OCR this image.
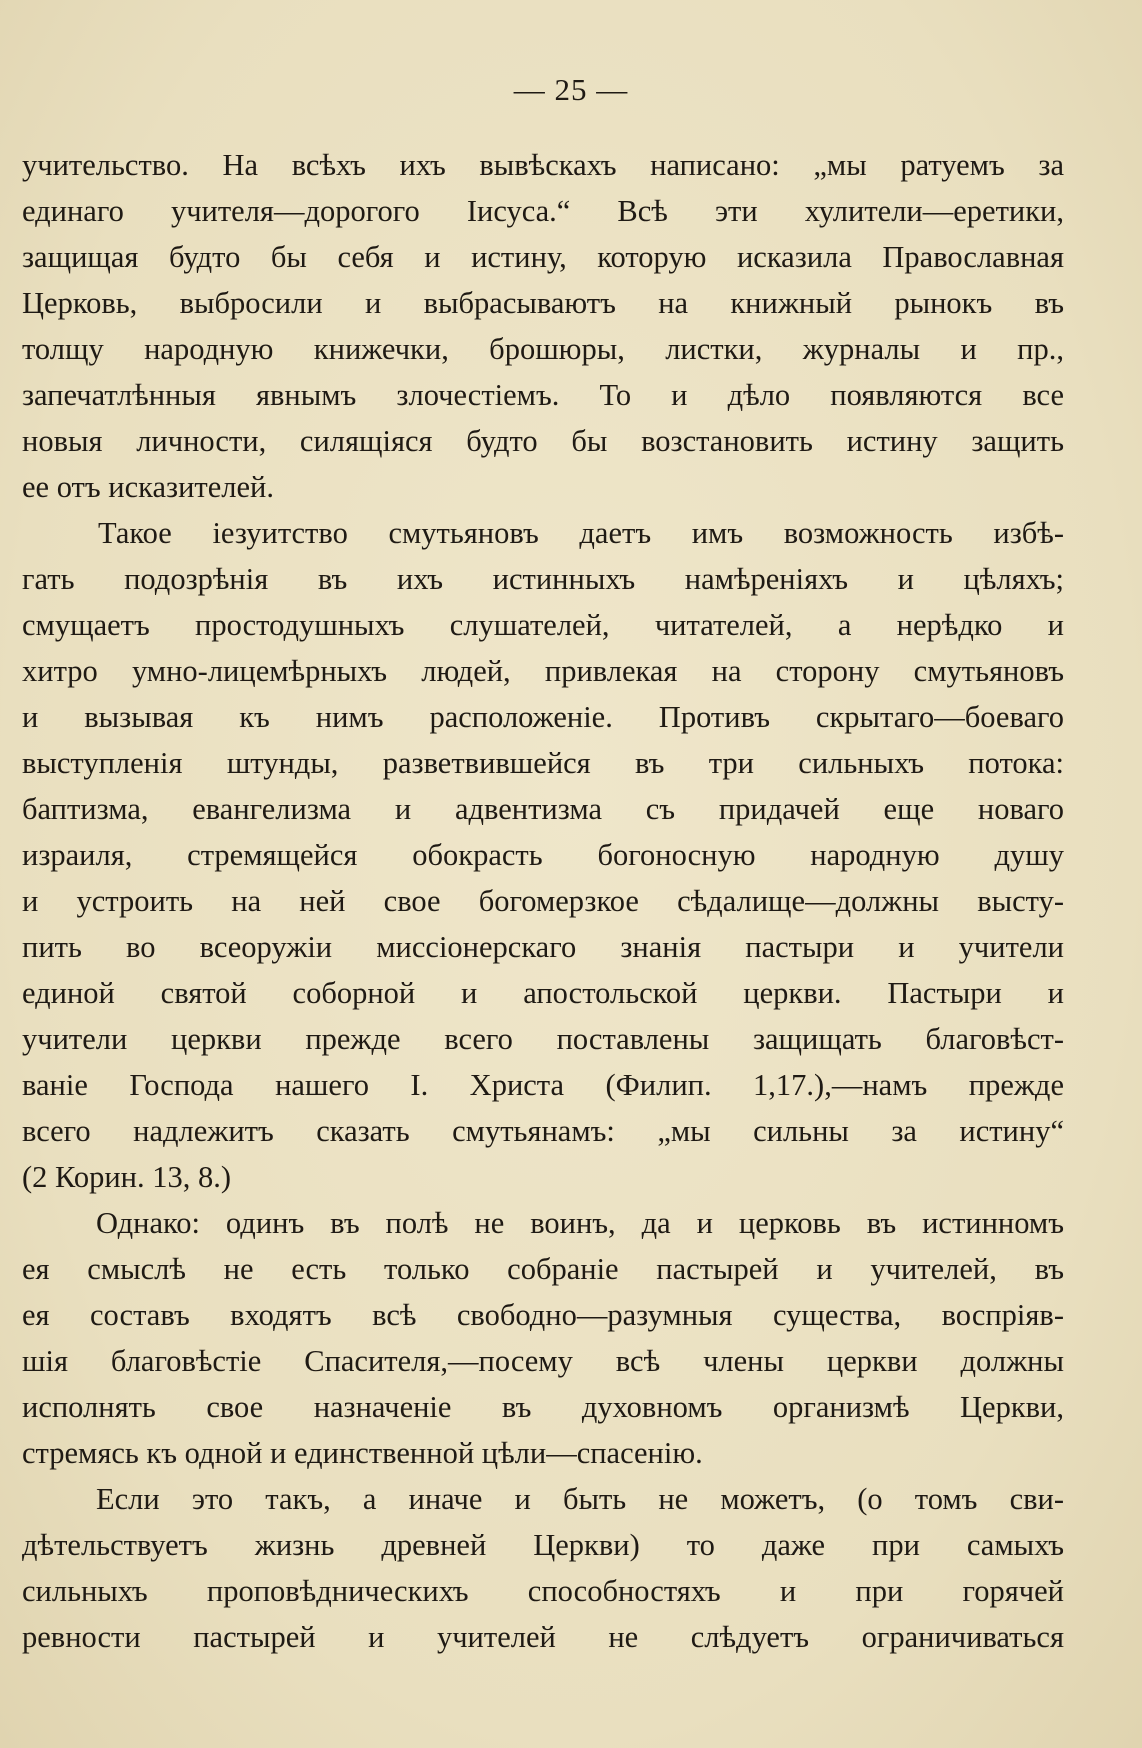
— 25 —
учительство. На всѣхъ ихъ вывѣскахъ написано: „мы ратуемъ за
единаго учителя—дорогого Іисуса.“ Всѣ эти хулители—еретики,
защищая будто бы себя и истину, которую исказила Православная
Церковь, выбросили и выбрасываютъ на книжный рынокъ въ
толщу народную книжечки, брошюры, листки, журналы и пр.,
запечатлѣнныя явнымъ злочестіемъ. То и дѣло появляются все
новыя личности, силящіяся будто бы возстановить истину защить
ее отъ исказителей.
Такое іезуитство смутьяновъ даетъ имъ возможность избѣ-
гать подозрѣнія въ ихъ истинныхъ намѣреніяхъ и цѣляхъ;
смущаетъ простодушныхъ слушателей, читателей, а нерѣдко и
хитро умно-лицемѣрныхъ людей, привлекая на сторону смутьяновъ
и вызывая къ нимъ расположеніе. Противъ скрытаго—боеваго
выступленія штунды, разветвившейся въ три сильныхъ потока:
баптизма, евангелизма и адвентизма съ придачей еще новаго
израиля, стремящейся обокрасть богоносную народную душу
и устроить на ней свое богомерзкое сѣдалище—должны высту-
пить во всеоружіи миссіонерскаго знанія пастыри и учители
единой святой соборной и апостольской церкви. Пастыри и
учители церкви прежде всего поставлены защищать благовѣст-
ваніе Господа нашего І. Христа (Филип. 1,17.),—намъ прежде
всего надлежитъ сказать смутьянамъ: „мы сильны за истину“
(2 Корин. 13, 8.)
Однако: одинъ въ полѣ не воинъ, да и церковь въ истинномъ
ея смыслѣ не есть только собраніе пастырей и учителей, въ
ея составъ входятъ всѣ свободно—разумныя существа, воспріяв-
шія благовѣстіе Спасителя,—посему всѣ члены церкви должны
исполнять свое назначеніе въ духовномъ организмѣ Церкви,
стремясь къ одной и единственной цѣли—спасенію.
Если это такъ, а иначе и быть не можетъ, (о томъ сви-
дѣтельствуетъ жизнь древней Церкви) то даже при самыхъ
сильныхъ проповѣдническихъ способностяхъ и при горячей
ревности пастырей и учителей не слѣдуетъ ограничиваться
